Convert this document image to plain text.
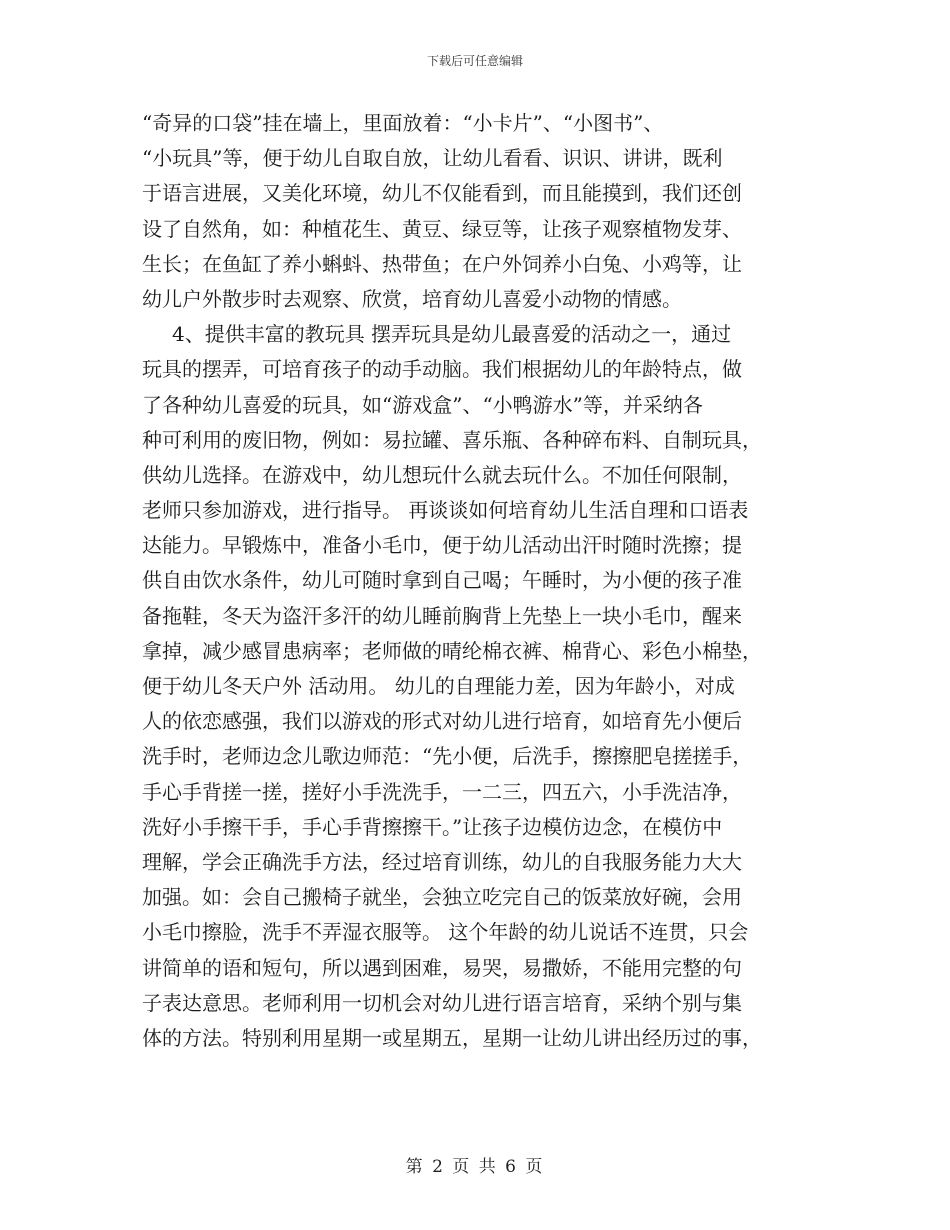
下载后可任意编辑
“奇异的口袋”挂在墙上，里面放着：“小卡片”、“小图书”、
“小玩具”等，便于幼儿自取自放，让幼儿看看、识识、讲讲，既利
于语言进展，又美化环境，幼儿不仅能看到，而且能摸到，我们还创
设了自然角，如：种植花生、黄豆、绿豆等，让孩子观察植物发芽、
生长；在鱼缸了养小蝌蚪、热带鱼；在户外饲养小白兔、小鸡等，让
幼儿户外散步时去观察、欣赏，培育幼儿喜爱小动物的情感。
4、提供丰富的教玩具 摆弄玩具是幼儿最喜爱的活动之一，通过
玩具的摆弄，可培育孩子的动手动脑。我们根据幼儿的年龄特点，做
了各种幼儿喜爱的玩具，如“游戏盒”、“小鸭游水”等，并采纳各
种可利用的废旧物，例如：易拉罐、喜乐瓶、各种碎布料、自制玩具，
供幼儿选择。在游戏中，幼儿想玩什么就去玩什么。不加任何限制，
老师只参加游戏，进行指导。 再谈谈如何培育幼儿生活自理和口语表
达能力。早锻炼中，准备小毛巾，便于幼儿活动出汗时随时洗擦；提
供自由饮水条件，幼儿可随时拿到自己喝；午睡时，为小便的孩子准
备拖鞋，冬天为盗汗多汗的幼儿睡前胸背上先垫上一块小毛巾，醒来
拿掉，减少感冒患病率；老师做的晴纶棉衣裤、棉背心、彩色小棉垫，
便于幼儿冬天户外 活动用。 幼儿的自理能力差，因为年龄小，对成
人的依恋感强，我们以游戏的形式对幼儿进行培育，如培育先小便后
洗手时，老师边念儿歌边师范：“先小便，后洗手，擦擦肥皂搓搓手，
手心手背搓一搓，搓好小手洗洗手，一二三，四五六，小手洗洁净，
洗好小手擦干手，手心手背擦擦干。”让孩子边模仿边念，在模仿中
理解，学会正确洗手方法，经过培育训练，幼儿的自我服务能力大大
加强。如：会自己搬椅子就坐，会独立吃完自己的饭菜放好碗，会用
小毛巾擦脸，洗手不弄湿衣服等。 这个年龄的幼儿说话不连贯，只会
讲简单的语和短句，所以遇到困难，易哭，易撒娇，不能用完整的句
子表达意思。老师利用一切机会对幼儿进行语言培育，采纳个别与集
体的方法。特别利用星期一或星期五，星期一让幼儿讲出经历过的事，
第 2 页 共 6 页
